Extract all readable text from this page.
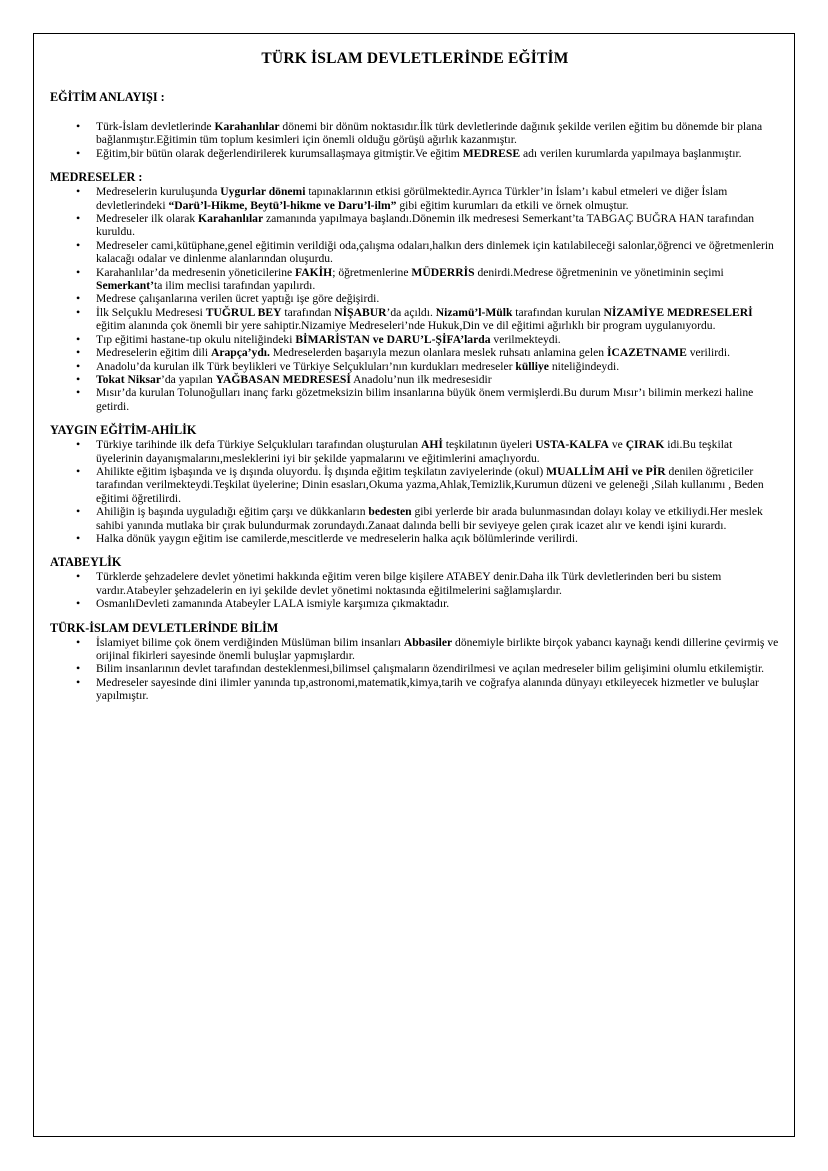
TÜRK İSLAM DEVLETLERİNDE EĞİTİM
EĞİTİM ANLAYIŞI :
• Türk-İslam devletlerinde Karahanlılar dönemi bir dönüm noktasıdır.İlk türk devletlerinde dağınık şekilde verilen eğitim bu dönemde bir plana bağlanmıştır.Eğitimin tüm toplum kesimleri için önemli olduğu görüşü ağırlık kazanmıştır.
• Eğitim,bir bütün olarak değerlendirilerek kurumsallaşmaya gitmiştir.Ve eğitim MEDRESE adı verilen kurumlarda yapılmaya başlanmıştır.
MEDRESELER :
• Medreselerin kuruluşunda Uygurlar dönemi tapınaklarının etkisi görülmektedir.Ayrıca Türkler’in İslam’ı kabul etmeleri ve diğer İslam devletlerindeki “Darü’l-Hikme, Beytü’l-hikme ve Daru’l-ilm” gibi eğitim kurumları da etkili ve örnek olmuştur.
• Medreseler ilk olarak Karahanlılar zamanında yapılmaya başlandı.Dönemin ilk medresesi Semerkant’ta TABGAÇ BUĞRA HAN tarafından kuruldu.
• Medreseler cami,kütüphane,genel eğitimin verildiği oda,çalışma odaları,halkın ders dinlemek için katılabileceği salonlar,öğrenci ve öğretmenlerin kalacağı odalar ve dinlenme alanlarından oluşurdu.
• Karahanlılar’da medresenin yöneticilerine FAKİH; öğretmenlerine MÜDERRİS denirdi.Medrese öğretmeninin ve yönetiminin seçimi Semerkant’ta ilim meclisi tarafından yapılırdı.
• Medrese çalışanlarına verilen ücret yaptığı işe göre değişirdi.
• İlk Selçuklu Medresesi TUĞRUL BEY tarafından NİŞABUR’da açıldı. Nizamü’l-Mülk tarafından kurulan NİZAMİYE MEDRESELERİ eğitim alanında çok önemli bir yere sahiptir.Nizamiye Medreseleri’nde Hukuk,Din ve dil eğitimi ağırlıklı bir program uygulanıyordu.
• Tıp eğitimi hastane-tıp okulu niteliğindeki BİMARİSTAN ve DARU’L-ŞİFA’larda verilmekteydi.
• Medreselerin eğitim dili Arapça’ydı. Medreselerden başarıyla mezun olanlara meslek ruhsatı anlamina gelen İCAZETNAME verilirdi.
• Anadolu’da kurulan ilk Türk beylikleri ve Türkiye Selçukluları’nın kurdukları medreseler külliye niteliğindeydi.
• Tokat Niksar’da yapılan YAĞBASAN MEDRESESİ Anadolu’nun ilk medresesidir
• Mısır’da kurulan Tolunoğulları inanç farkı gözetmeksizin bilim insanlarına büyük önem vermişlerdi.Bu durum Mısır’ı bilimin merkezi haline getirdi.
YAYGIN EĞİTİM-AHİLİK
• Türkiye tarihinde ilk defa Türkiye Selçukluları tarafından oluşturulan AHİ teşkilatının üyeleri USTA-KALFA ve ÇIRAK idi.Bu teşkilat üyelerinin dayanışmalarını,mesleklerini iyi bir şekilde yapmalarını ve eğitimlerini amaçlıyordu.
• Ahilikte eğitim işbaşında ve iş dışında oluyordu. İş dışında eğitim teşkilatın zaviyelerinde (okul) MUALLİM AHİ ve PİR denilen öğreticiler tarafından verilmekteydi.Teşkilat üyelerine; Dinin esasları,Okuma yazma,Ahlak,Temizlik,Kurumun düzeni ve geleneği ,Silah kullanımı , Beden eğitimi öğretilirdi.
• Ahiliğin iş başında uyguladığı eğitim çarşı ve dükkanların bedesten gibi yerlerde bir arada bulunmasından dolayı kolay ve etkiliydi.Her meslek sahibi yanında mutlaka bir çırak bulundurmak zorundaydı.Zanaat dalında belli bir seviyeye gelen çırak icazet alır ve kendi işini kurardı.
• Halka dönük yaygın eğitim ise camilerde,mescitlerde ve medreselerin halka açık bölümlerinde verilirdi.
ATABEYLİK
• Türklerde şehzadelere devlet yönetimi hakkında eğitim veren bilge kişilere ATABEY denir.Daha ilk Türk devletlerinden beri bu sistem vardır.Atabeyler şehzadelerin en iyi şekilde devlet yönetimi noktasında eğitilmelerini sağlamışlardır.
• OsmanlıDevleti zamanında Atabeyler LALA ismiyle karşımıza çıkmaktadır.
TÜRK-İSLAM DEVLETLERİNDE BİLİM
• İslamiyet bilime çok önem verdiğinden Müslüman bilim insanları Abbasiler dönemiyle birlikte birçok yabancı kaynağı kendi dillerine çevirmiş ve orijinal fikirleri sayesinde önemli buluşlar yapmışlardır.
• Bilim insanlarının devlet tarafından desteklenmesi,bilimsel çalışmaların özendirilmesi ve açılan medreseler bilim gelişimini olumlu etkilemiştir.
• Medreseler sayesinde dini ilimler yanında tıp,astronomi,matematik,kimya,tarih ve coğrafya alanında dünyayı etkileyecek hizmetler ve buluşlar yapılmıştır.
